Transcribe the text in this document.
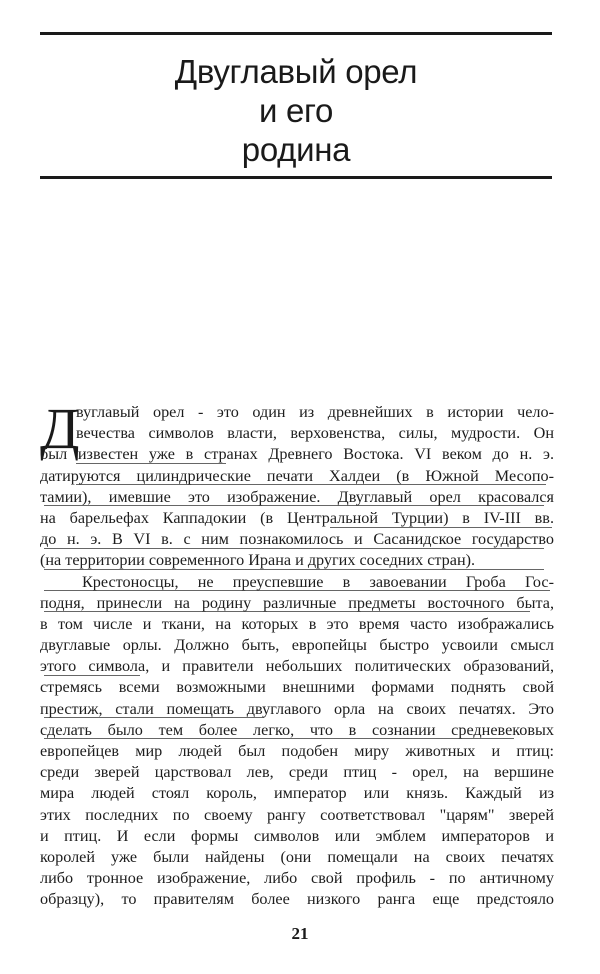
Двуглавый орел
и его
родина
Д
вуглавый орел - это один из древнейших в истории чело-
вечества символов власти, верховенства, силы, мудрости. Он
был известен уже в странах Древнего Востока. VI веком до н. э.
датируются цилиндрические печати Халдеи (в Южной Месопо-
тамии), имевшие это изображение. Двуглавый орел красовался
на барельефах Каппадокии (в Центральной Турции) в IV-III вв.
до н. э. В VI в. с ним познакомилось и Сасанидское государство
(на территории современного Ирана и других соседних стран).
Крестоносцы, не преуспевшие в завоевании Гроба Гос-
подня, принесли на родину различные предметы восточного быта,
в том числе и ткани, на которых в это время часто изображались
двуглавые орлы. Должно быть, европейцы быстро усвоили смысл
этого символа, и правители небольших политических образований,
стремясь всеми возможными внешними формами поднять свой
престиж, стали помещать двуглавого орла на своих печатях. Это
сделать было тем более легко, что в сознании средневековых
европейцев мир людей был подобен миру животных и птиц:
среди зверей царствовал лев, среди птиц - орел, на вершине
мира людей стоял король, император или князь. Каждый из
этих последних по своему рангу соответствовал "царям" зверей
и птиц. И если формы символов или эмблем императоров и
королей уже были найдены (они помещали на своих печатях
либо тронное изображение, либо свой профиль - по античному
образцу), то правителям более низкого ранга еще предстояло
21
